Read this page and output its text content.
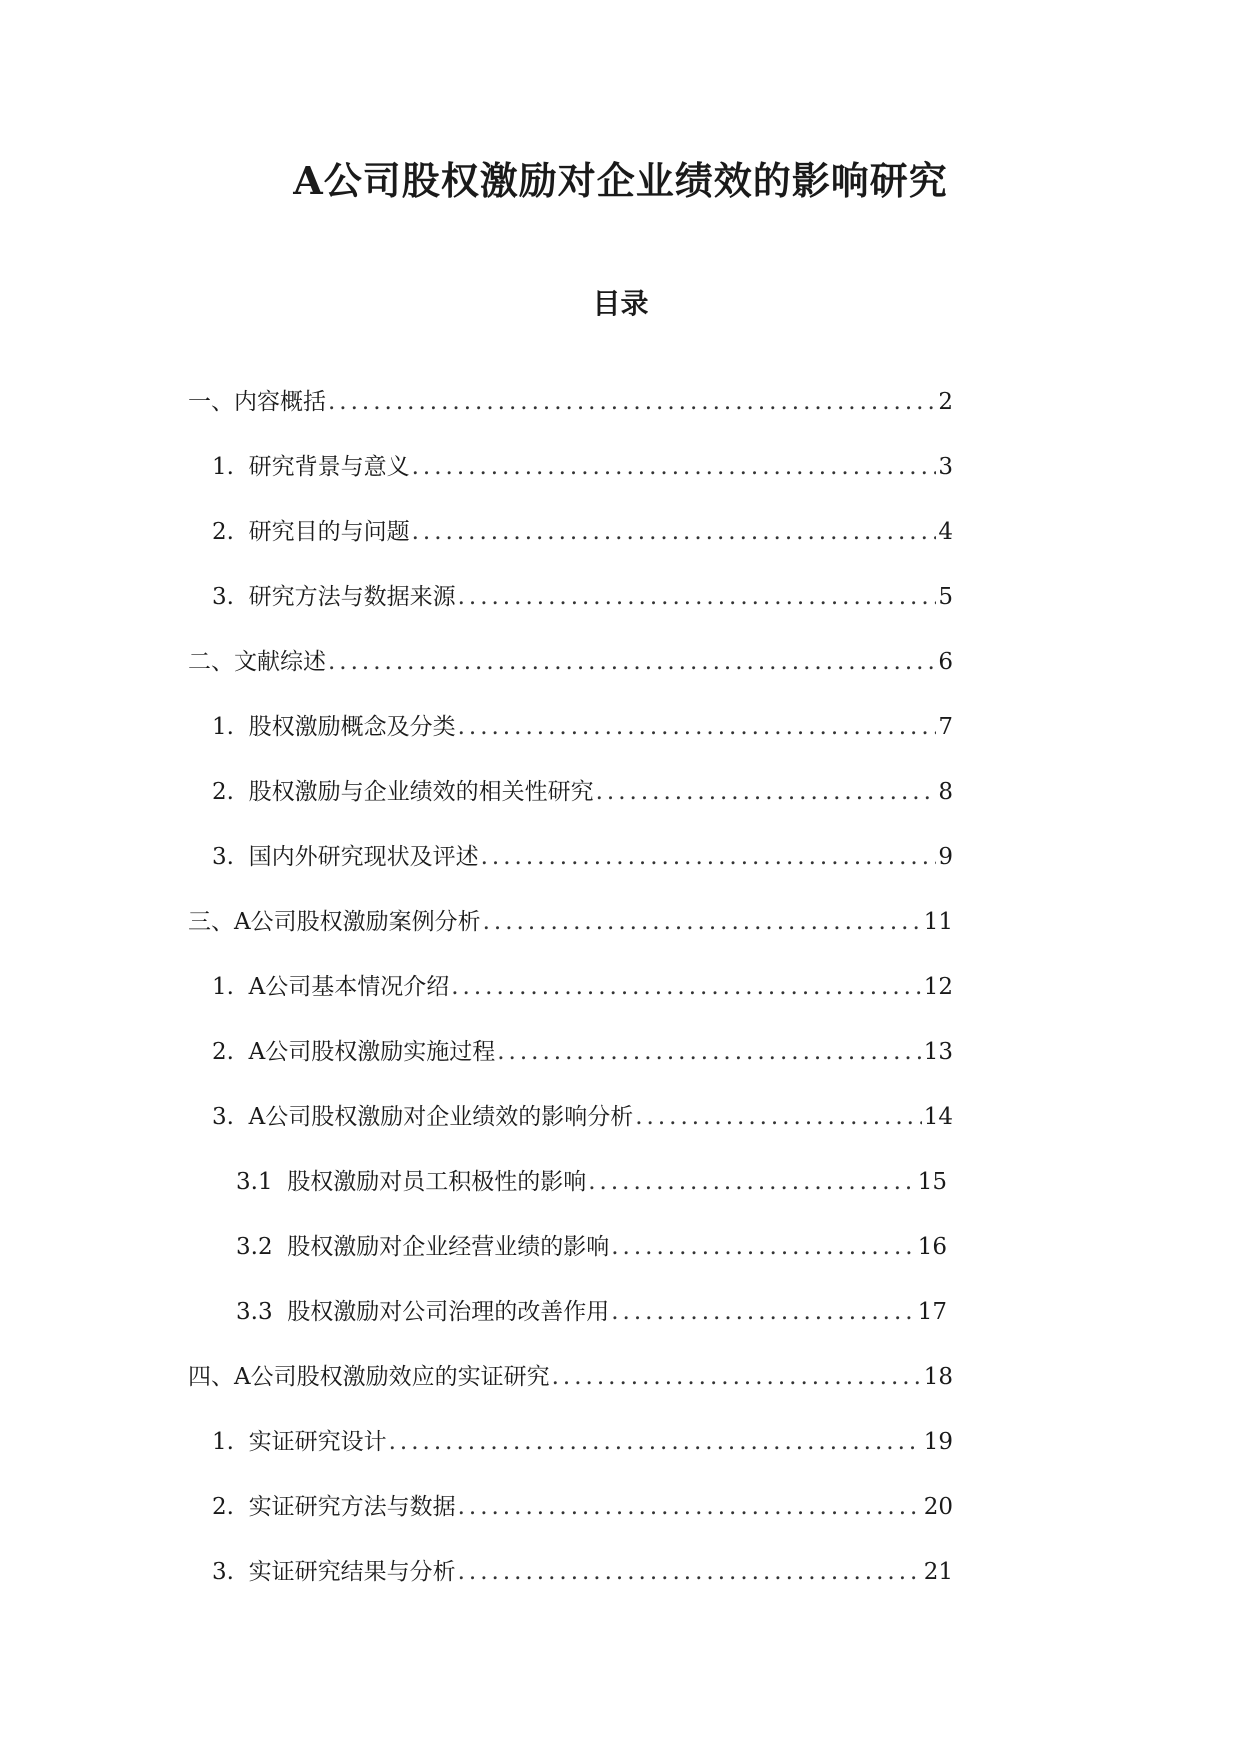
A公司股权激励对企业绩效的影响研究
目录
一、 内容概括 .....	2
1. 研究背景与意义 .....	3
2. 研究目的与问题 .....	4
3. 研究方法与数据来源 .....	5
二、 文献综述 .....	6
1. 股权激励概念及分类 .....	7
2. 股权激励与企业绩效的相关性研究 .....	8
3. 国内外研究现状及评述 .....	9
三、 A公司股权激励案例分析 .....	11
1. A公司基本情况介绍 .....	12
2. A公司股权激励实施过程 .....	13
3. A公司股权激励对企业绩效的影响分析 .....	14
3.1 股权激励对员工积极性的影响 .....	15
3.2 股权激励对企业经营业绩的影响 .....	16
3.3 股权激励对公司治理的改善作用 .....	17
四、 A公司股权激励效应的实证研究 .....	18
1. 实证研究设计 .....	19
2. 实证研究方法与数据 .....	20
3. 实证研究结果与分析 .....	21
